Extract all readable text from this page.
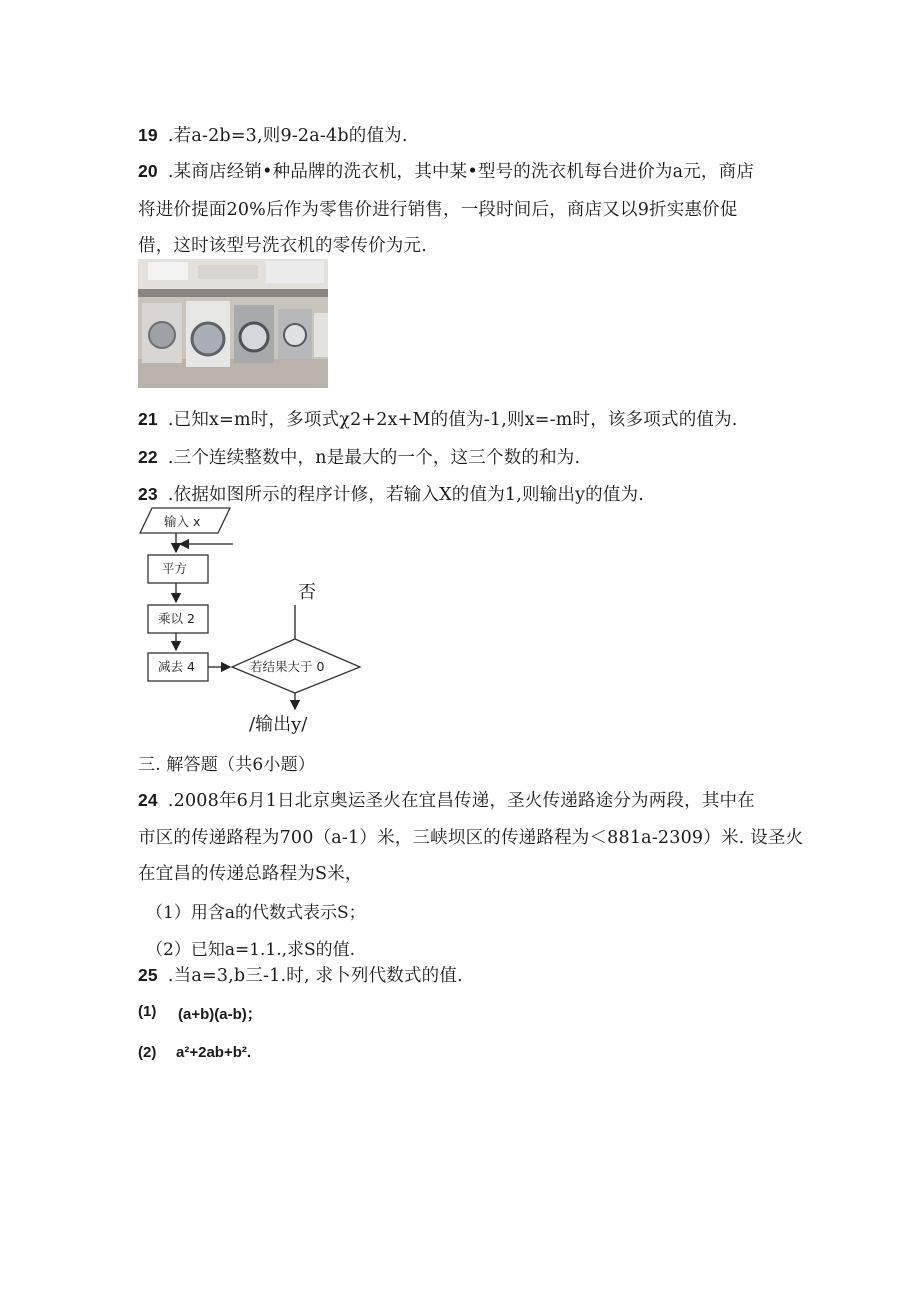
19 .若a-2b=3,则9-2a-4b的值为.
20 .某商店经销•种品牌的洗衣机，其中某•型号的洗衣机每台进价为a元，商店
将进价提面20%后作为零售价进行销售，一段时间后，商店又以9折实惠价促
借，这时该型号洗衣机的零传价为元.
21 .已知x=m时，多项式χ2+2x+M的值为-1,则x=-m时，该多项式的值为.
22 .三个连续整数中，n是最大的一个，这三个数的和为.
23 .依据如图所示的程序计修，若输入X的值为1,则输出y的值为.
输入 x
平方
乘以 2
减去 4	若结果大于 0
否
/输出y/
三. 解答题（共6小题）
24 .2008年6月1日北京奥运圣火在宜昌传递，圣火传递路途分为两段，其中在
市区的传递路程为700（a-1）米，三峡坝区的传递路程为＜881a-2309）米. 设圣火
在宜昌的传递总路程为S米，
（1）用含a的代数式表示S；
（2）已知a=1.1.,求S的值.
25 .当a=3,b三-1.时, 求卜列代数式的值.
(1) (a+b)(a-b)；
(2) a²+2ab+b².
